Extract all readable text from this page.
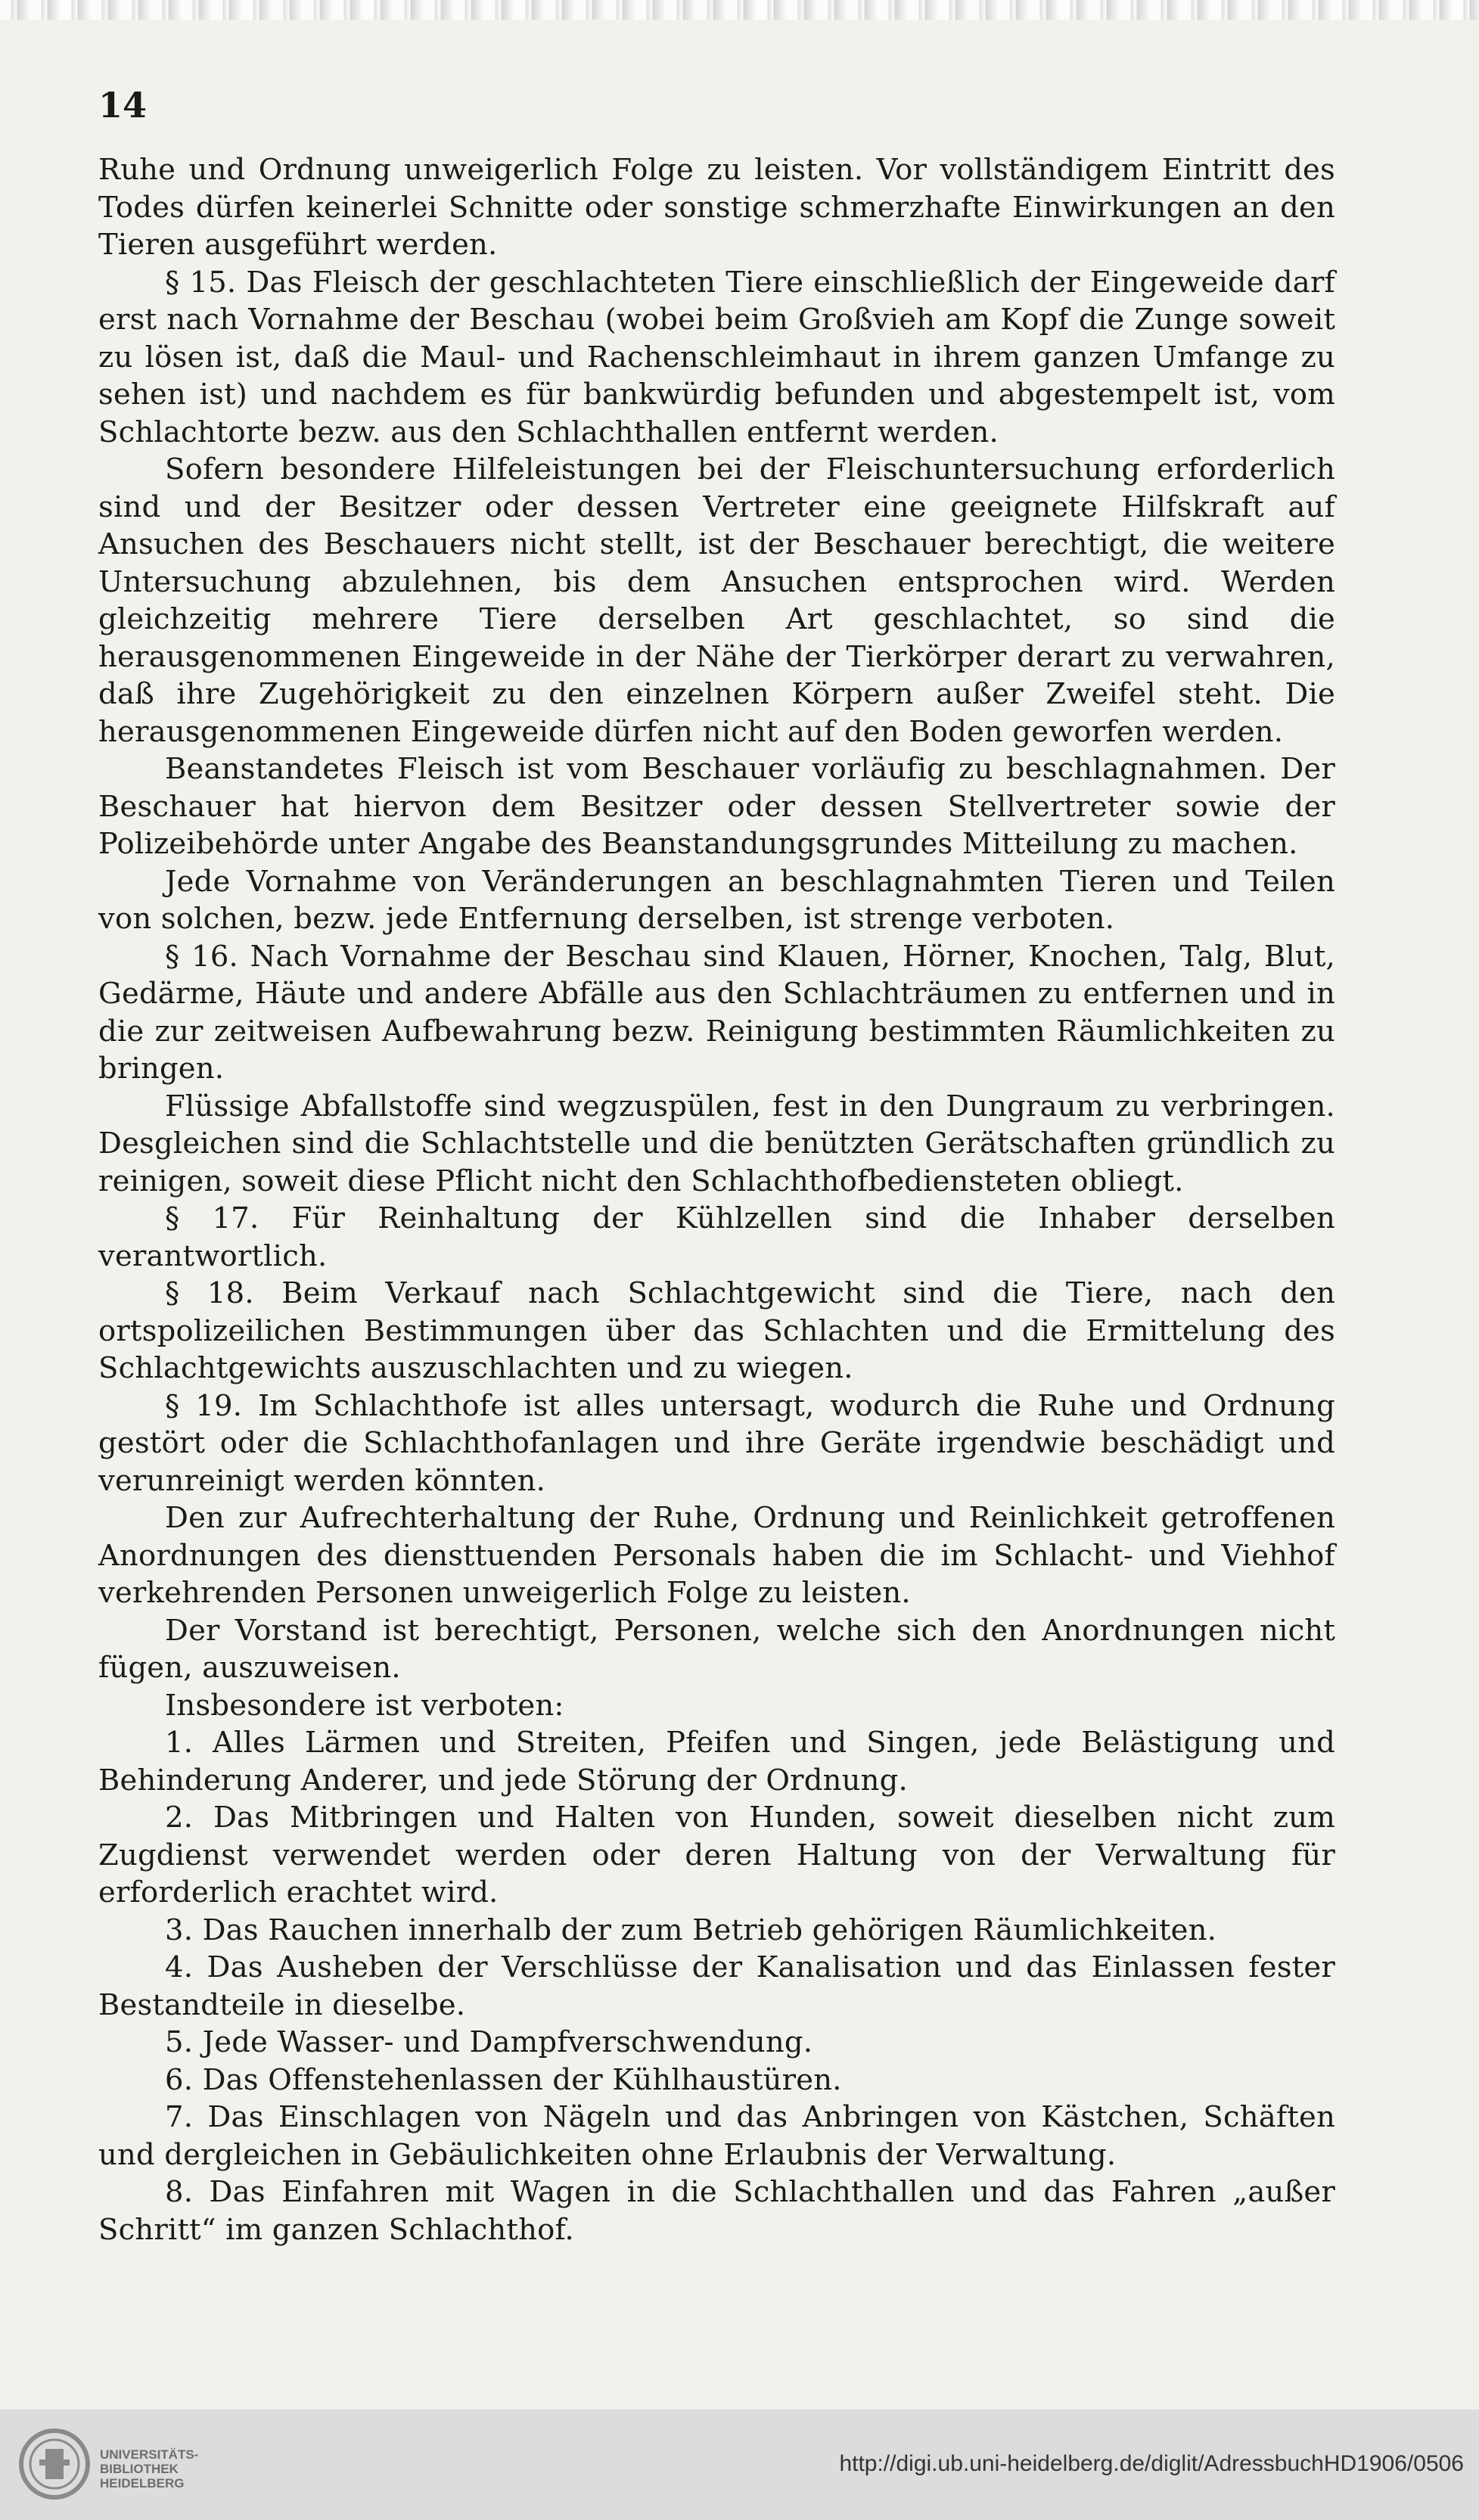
14

Ruhe und Ordnung unweigerlich Folge zu leisten. Vor vollständigem Eintritt des Todes dürfen keinerlei Schnitte oder sonstige schmerzhafte Einwirkungen an den Tieren ausgeführt werden.

§ 15. Das Fleisch der geschlachteten Tiere einschließlich der Eingeweide darf erst nach Vornahme der Beschau (wobei beim Großvieh am Kopf die Zunge soweit zu lösen ist, daß die Maul- und Rachenschleimhaut in ihrem ganzen Umfange zu sehen ist) und nachdem es für bankwürdig befunden und abgestempelt ist, vom Schlachtorte bezw. aus den Schlachthallen entfernt werden.

Sofern besondere Hilfeleistungen bei der Fleischuntersuchung erforderlich sind und der Besitzer oder dessen Vertreter eine geeignete Hilfskraft auf Ansuchen des Beschauers nicht stellt, ist der Beschauer berechtigt, die weitere Untersuchung abzulehnen, bis dem Ansuchen entsprochen wird. Werden gleichzeitig mehrere Tiere derselben Art geschlachtet, so sind die herausgenommenen Eingeweide in der Nähe der Tierkörper derart zu verwahren, daß ihre Zugehörigkeit zu den einzelnen Körpern außer Zweifel steht. Die herausgenommenen Eingeweide dürfen nicht auf den Boden geworfen werden.

Beanstandetes Fleisch ist vom Beschauer vorläufig zu beschlagnahmen. Der Beschauer hat hiervon dem Besitzer oder dessen Stellvertreter sowie der Polizeibehörde unter Angabe des Beanstandungsgrundes Mitteilung zu machen.

Jede Vornahme von Veränderungen an beschlagnahmten Tieren und Teilen von solchen, bezw. jede Entfernung derselben, ist strenge verboten.

§ 16. Nach Vornahme der Beschau sind Klauen, Hörner, Knochen, Talg, Blut, Gedärme, Häute und andere Abfälle aus den Schlachträumen zu entfernen und in die zur zeitweisen Aufbewahrung bezw. Reinigung bestimmten Räumlichkeiten zu bringen.

Flüssige Abfallstoffe sind wegzuspülen, fest in den Dungraum zu verbringen. Desgleichen sind die Schlachtstelle und die benützten Gerätschaften gründlich zu reinigen, soweit diese Pflicht nicht den Schlachthofbediensteten obliegt.

§ 17. Für Reinhaltung der Kühlzellen sind die Inhaber derselben verantwortlich.

§ 18. Beim Verkauf nach Schlachtgewicht sind die Tiere, nach den ortspolizeilichen Bestimmungen über das Schlachten und die Ermittelung des Schlachtgewichts auszuschlachten und zu wiegen.

§ 19. Im Schlachthofe ist alles untersagt, wodurch die Ruhe und Ordnung gestört oder die Schlachthofanlagen und ihre Geräte irgendwie beschädigt und verunreinigt werden könnten.

Den zur Aufrechterhaltung der Ruhe, Ordnung und Reinlichkeit getroffenen Anordnungen des diensttuenden Personals haben die im Schlacht- und Viehhof verkehrenden Personen unweigerlich Folge zu leisten.

Der Vorstand ist berechtigt, Personen, welche sich den Anordnungen nicht fügen, auszuweisen.

Insbesondere ist verboten:

1. Alles Lärmen und Streiten, Pfeifen und Singen, jede Belästigung und Behinderung Anderer, und jede Störung der Ordnung.

2. Das Mitbringen und Halten von Hunden, soweit dieselben nicht zum Zugdienst verwendet werden oder deren Haltung von der Verwaltung für erforderlich erachtet wird.

3. Das Rauchen innerhalb der zum Betrieb gehörigen Räumlichkeiten.

4. Das Ausheben der Verschlüsse der Kanalisation und das Einlassen fester Bestandteile in dieselbe.

5. Jede Wasser- und Dampfverschwendung.

6. Das Offenstehenlassen der Kühlhaustüren.

7. Das Einschlagen von Nägeln und das Anbringen von Kästchen, Schäften und dergleichen in Gebäulichkeiten ohne Erlaubnis der Verwaltung.

8. Das Einfahren mit Wagen in die Schlachthallen und das Fahren „außer Schritt“ im ganzen Schlachthof.

UNIVERSITÄTS-
BIBLIOTHEK
HEIDELBERG
http://digi.ub.uni-heidelberg.de/diglit/AdressbuchHD1906/0506
